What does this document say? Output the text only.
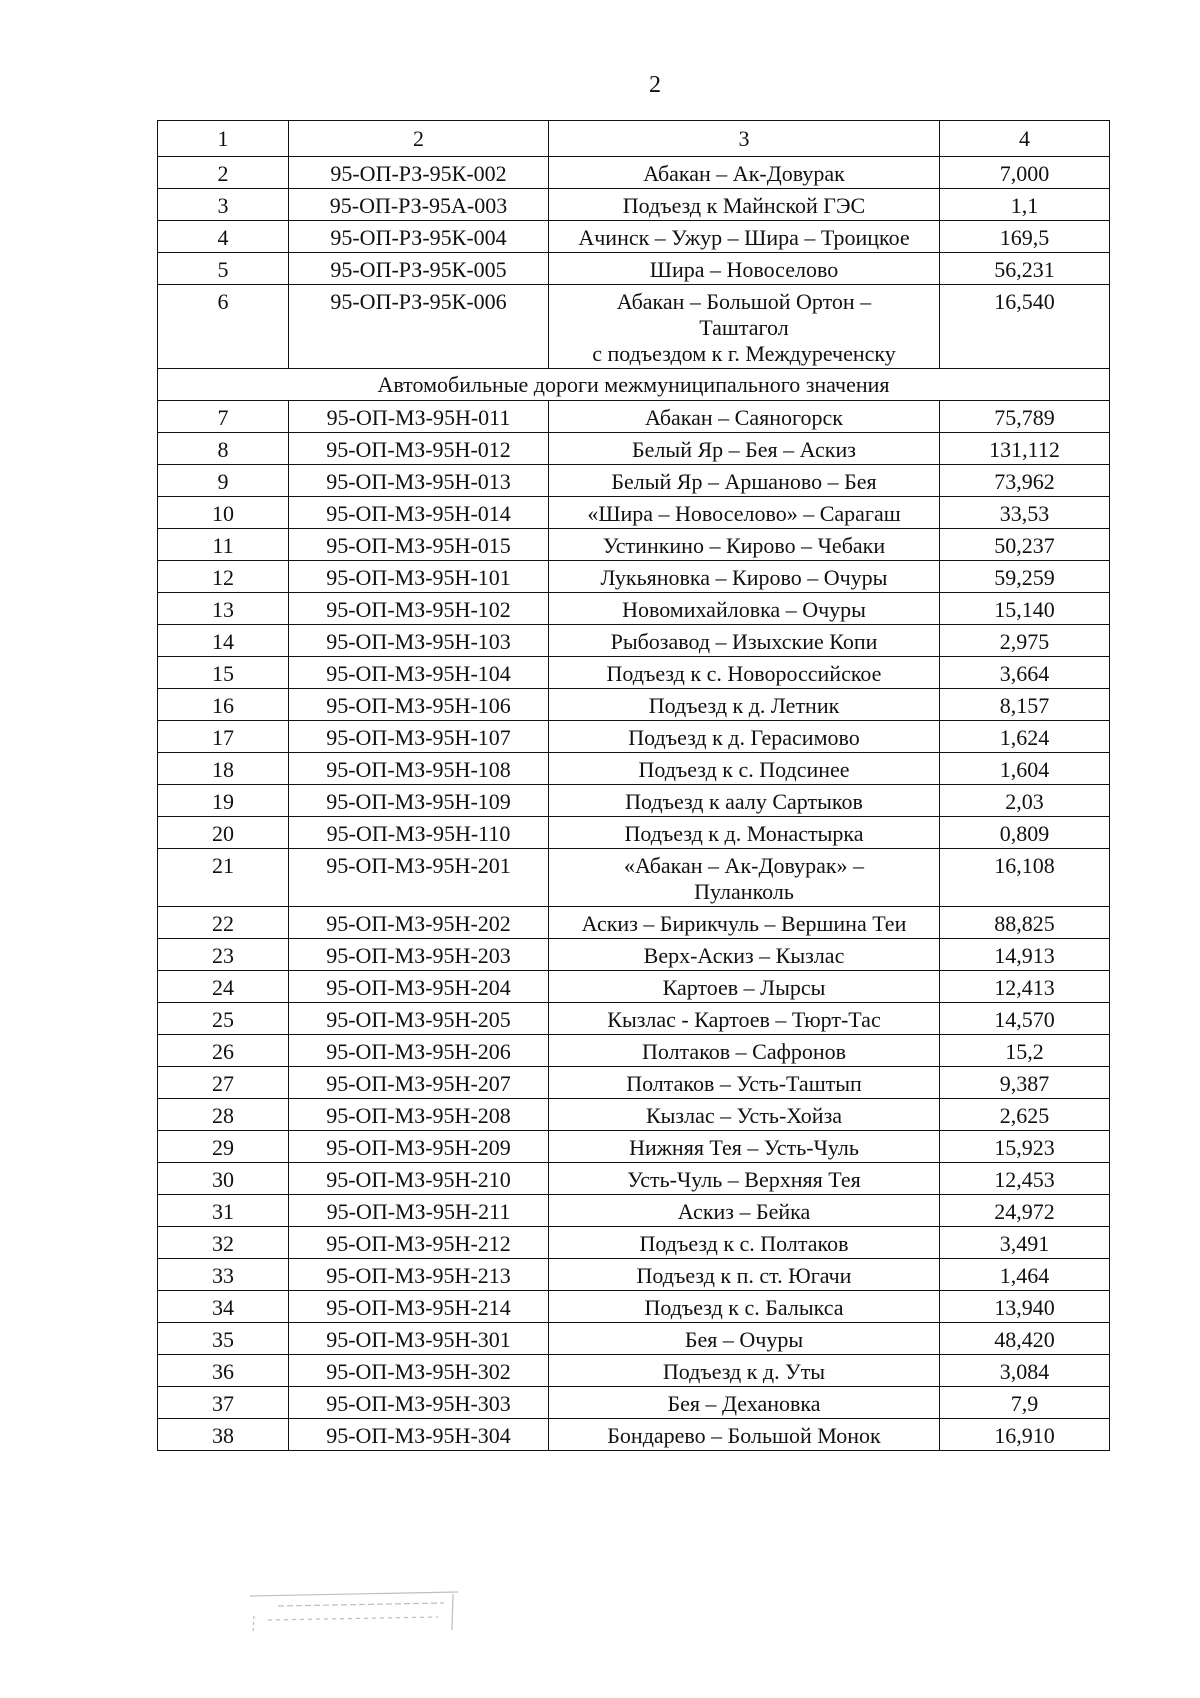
2
1	2	3	4
2	95-ОП-РЗ-95К-002	Абакан – Ак-Довурак	7,000
3	95-ОП-РЗ-95А-003	Подъезд к Майнской ГЭС	1,1
4	95-ОП-РЗ-95К-004	Ачинск – Ужур – Шира – Троицкое	169,5
5	95-ОП-РЗ-95К-005	Шира – Новоселово	56,231
6	95-ОП-РЗ-95К-006	Абакан – Большой Ортон –
Таштагол
с подъездом к г. Междуреченску	16,540
Автомобильные дороги межмуниципального значения			
7	95-ОП-МЗ-95Н-011	Абакан – Саяногорск	75,789
8	95-ОП-МЗ-95Н-012	Белый Яр – Бея – Аскиз	131,112
9	95-ОП-МЗ-95Н-013	Белый Яр – Аршаново – Бея	73,962
10	95-ОП-МЗ-95Н-014	«Шира – Новоселово» – Сарагаш	33,53
11	95-ОП-МЗ-95Н-015	Устинкино – Кирово – Чебаки	50,237
12	95-ОП-МЗ-95Н-101	Лукьяновка – Кирово – Очуры	59,259
13	95-ОП-МЗ-95Н-102	Новомихайловка – Очуры	15,140
14	95-ОП-МЗ-95Н-103	Рыбозавод – Изыхские Копи	2,975
15	95-ОП-МЗ-95Н-104	Подъезд к с. Новороссийское	3,664
16	95-ОП-МЗ-95Н-106	Подъезд к д. Летник	8,157
17	95-ОП-МЗ-95Н-107	Подъезд к д. Герасимово	1,624
18	95-ОП-МЗ-95Н-108	Подъезд к с. Подсинее	1,604
19	95-ОП-МЗ-95Н-109	Подъезд к аалу Сартыков	2,03
20	95-ОП-МЗ-95Н-110	Подъезд к д. Монастырка	0,809
21	95-ОП-МЗ-95Н-201	«Абакан – Ак-Довурак» –
Пуланколь	16,108
22	95-ОП-МЗ-95Н-202	Аскиз – Бирикчуль – Вершина Теи	88,825
23	95-ОП-МЗ-95Н-203	Верх-Аскиз – Кызлас	14,913
24	95-ОП-МЗ-95Н-204	Картоев – Лырсы	12,413
25	95-ОП-МЗ-95Н-205	Кызлас - Картоев – Тюрт-Тас	14,570
26	95-ОП-МЗ-95Н-206	Полтаков – Сафронов	15,2
27	95-ОП-МЗ-95Н-207	Полтаков – Усть-Таштып	9,387
28	95-ОП-МЗ-95Н-208	Кызлас – Усть-Хойза	2,625
29	95-ОП-МЗ-95Н-209	Нижняя Тея – Усть-Чуль	15,923
30	95-ОП-МЗ-95Н-210	Усть-Чуль – Верхняя Тея	12,453
31	95-ОП-МЗ-95Н-211	Аскиз – Бейка	24,972
32	95-ОП-МЗ-95Н-212	Подъезд к с. Полтаков	3,491
33	95-ОП-МЗ-95Н-213	Подъезд к п. ст. Югачи	1,464
34	95-ОП-МЗ-95Н-214	Подъезд к с. Балыкса	13,940
35	95-ОП-МЗ-95Н-301	Бея – Очуры	48,420
36	95-ОП-МЗ-95Н-302	Подъезд к д. Уты	3,084
37	95-ОП-МЗ-95Н-303	Бея – Дехановка	7,9
38	95-ОП-МЗ-95Н-304	Бондарево – Большой Монок	16,910
